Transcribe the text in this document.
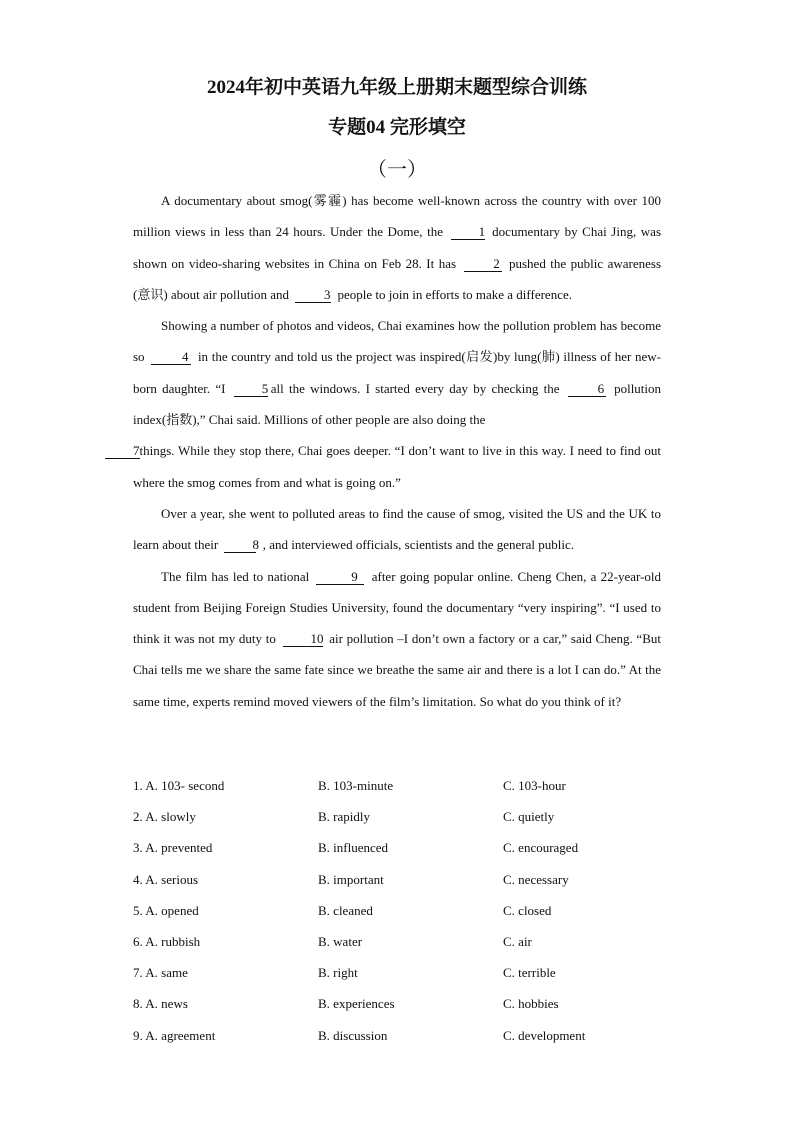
2024年初中英语九年级上册期末题型综合训练
专题04 完形填空
（一）

A documentary about smog(雾霾) has become well-known across the country with over 100 million views in less than 24 hours. Under the Dome, the	1 documentary by Chai Jing, was shown on video-sharing websites in China on Feb 28. It has	2 pushed the public awareness (意识) about air pollution and	3 people to join in efforts to make a difference.

Showing a number of photos and videos, Chai examines how the pollution problem has become so	4 in the country and told us the project was inspired(启发)by lung(肺) illness of her new-born daughter. “I	5 all the windows. I started every day by checking the	6 pollution index(指数),” Chai said. Millions of other people are also doing the
7things. While they stop there, Chai goes deeper. “I don’t want to live in this way. I need to find out where the smog comes from and what is going on.”

Over a year, she went to polluted areas to find the cause of smog, visited the US and the UK to learn about their	8 , and interviewed officials, scientists and the general public.

The film has led to national	9 after going popular online. Cheng Chen, a 22-year-old student from Beijing Foreign Studies University, found the documentary “very inspiring”. “I used to think it was not my duty to	10 air pollution –I don’t own a factory or a car,” said Cheng. “But Chai tells me we share the same fate since we breathe the same air and there is a lot I can do.” At the same time, experts remind moved viewers of the film’s limitation. So what do you think of it?

1. A. 103- second	B. 103-minute	C. 103-hour
2. A. slowly	B. rapidly	C. quietly
3. A. prevented	B. influenced	C. encouraged
4. A. serious	B. important	C. necessary
5. A. opened	B. cleaned	C. closed
6. A. rubbish	B. water	C. air
7. A. same	B. right	C. terrible
8. A. news	B. experiences	C. hobbies
9. A. agreement	B. discussion	C. development
